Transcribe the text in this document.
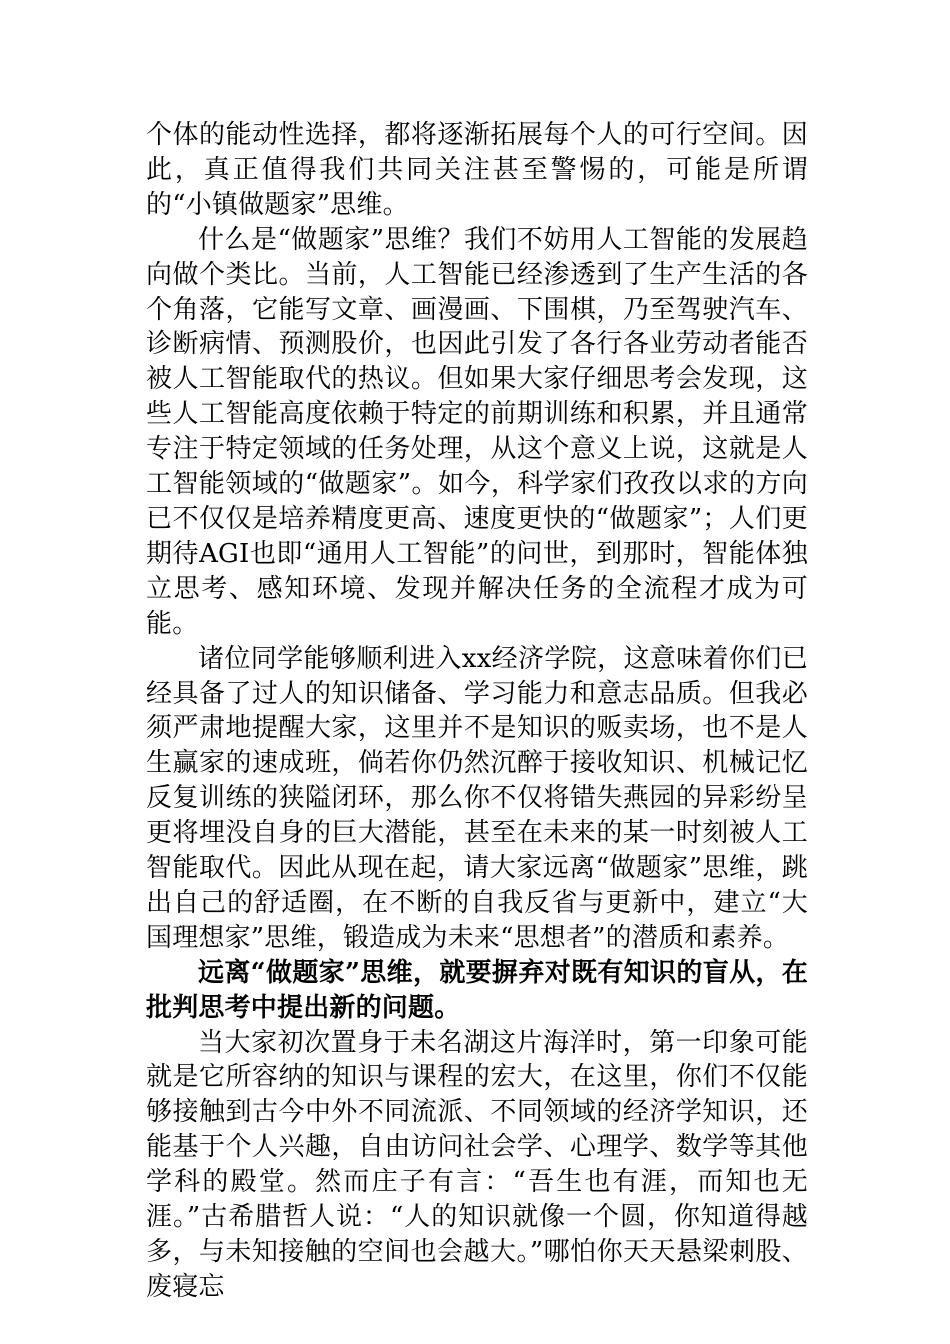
个体的能动性选择，都将逐渐拓展每个人的可行空间。因此，真正值得我们共同关注甚至警惕的，可能是所谓的“小镇做题家”思维。

什么是“做题家”思维？我们不妨用人工智能的发展趋向做个类比。当前，人工智能已经渗透到了生产生活的各个角落，它能写文章、画漫画、下围棋，乃至驾驶汽车、诊断病情、预测股价，也因此引发了各行各业劳动者能否被人工智能取代的热议。但如果大家仔细思考会发现，这些人工智能高度依赖于特定的前期训练和积累，并且通常专注于特定领域的任务处理，从这个意义上说，这就是人工智能领域的“做题家”。如今，科学家们孜孜以求的方向已不仅仅是培养精度更高、速度更快的“做题家”；人们更期待AGI也即“通用人工智能”的问世，到那时，智能体独立思考、感知环境、发现并解决任务的全流程才成为可能。

诸位同学能够顺利进入xx经济学院，这意味着你们已经具备了过人的知识储备、学习能力和意志品质。但我必须严肃地提醒大家，这里并不是知识的贩卖场，也不是人生赢家的速成班，倘若你仍然沉醉于接收知识、机械记忆反复训练的狭隘闭环，那么你不仅将错失燕园的异彩纷呈更将埋没自身的巨大潜能，甚至在未来的某一时刻被人工智能取代。因此从现在起，请大家远离“做题家”思维，跳出自己的舒适圈，在不断的自我反省与更新中，建立“大国理想家”思维，锻造成为未来“思想者”的潜质和素养。

远离“做题家”思维，就要摒弃对既有知识的盲从，在批判思考中提出新的问题。

当大家初次置身于未名湖这片海洋时，第一印象可能就是它所容纳的知识与课程的宏大，在这里，你们不仅能够接触到古今中外不同流派、不同领域的经济学知识，还能基于个人兴趣，自由访问社会学、心理学、数学等其他学科的殿堂。然而庄子有言：“吾生也有涯，而知也无涯。”古希腊哲人说：“人的知识就像一个圆，你知道得越多，与未知接触的空间也会越大。”哪怕你天天悬梁刺股、废寝忘
